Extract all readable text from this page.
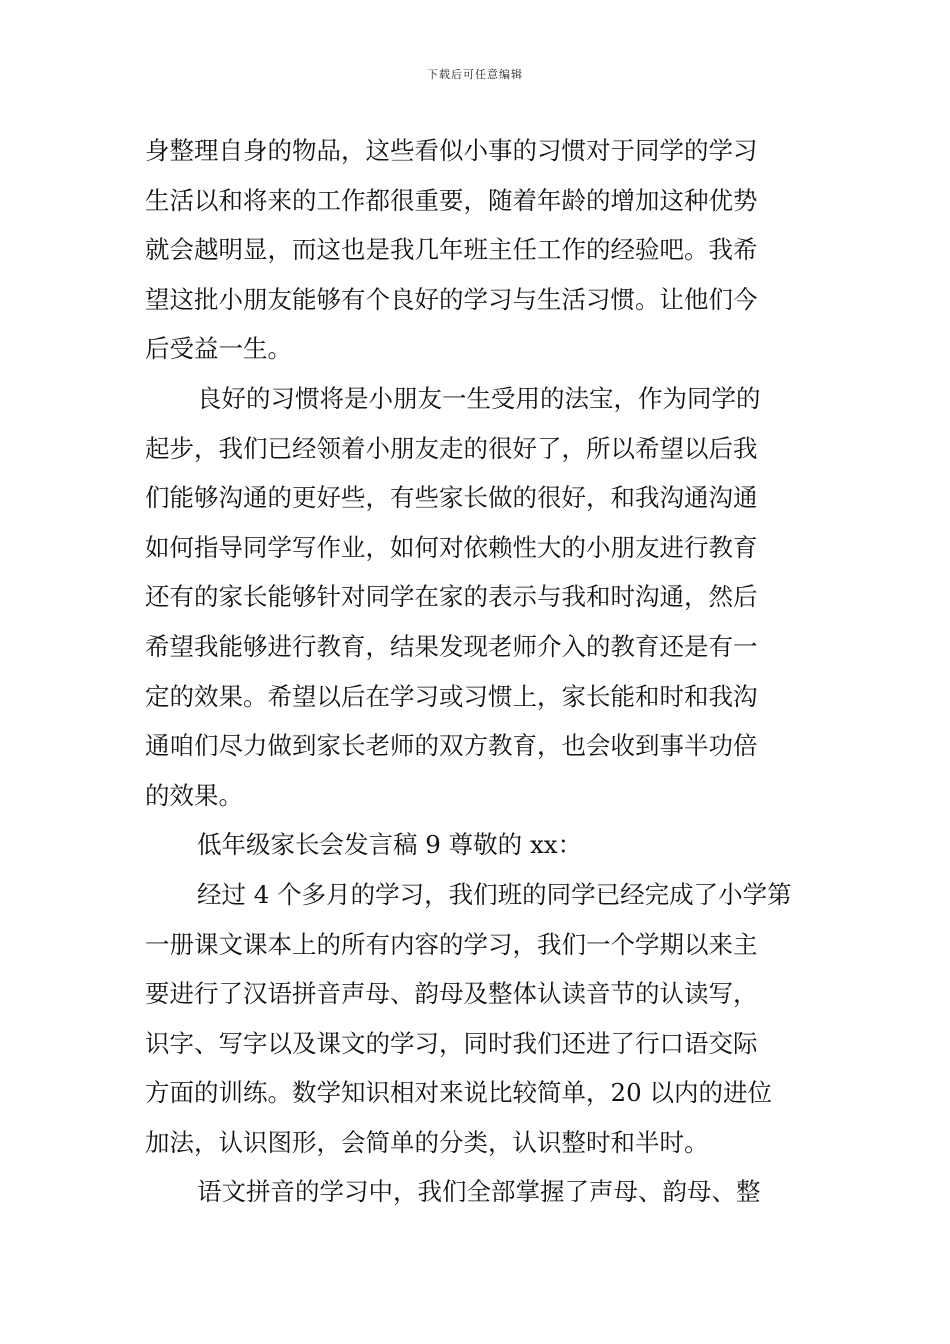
下载后可任意编辑
身整理自身的物品，这些看似小事的习惯对于同学的学习
生活以和将来的工作都很重要，随着年龄的增加这种优势
就会越明显，而这也是我几年班主任工作的经验吧。我希
望这批小朋友能够有个良好的学习与生活习惯。让他们今
后受益一生。
良好的习惯将是小朋友一生受用的法宝，作为同学的
起步，我们已经领着小朋友走的很好了，所以希望以后我
们能够沟通的更好些，有些家长做的很好，和我沟通沟通
如何指导同学写作业，如何对依赖性大的小朋友进行教育
还有的家长能够针对同学在家的表示与我和时沟通，然后
希望我能够进行教育，结果发现老师介入的教育还是有一
定的效果。希望以后在学习或习惯上，家长能和时和我沟
通咱们尽力做到家长老师的双方教育，也会收到事半功倍
的效果。
低年级家长会发言稿 9 尊敬的 xx：
经过 4 个多月的学习，我们班的同学已经完成了小学第
一册课文课本上的所有内容的学习，我们一个学期以来主
要进行了汉语拼音声母、韵母及整体认读音节的认读写，
识字、写字以及课文的学习，同时我们还进了行口语交际
方面的训练。数学知识相对来说比较简单，20 以内的进位
加法，认识图形，会简单的分类，认识整时和半时。
语文拼音的学习中，我们全部掌握了声母、韵母、整
